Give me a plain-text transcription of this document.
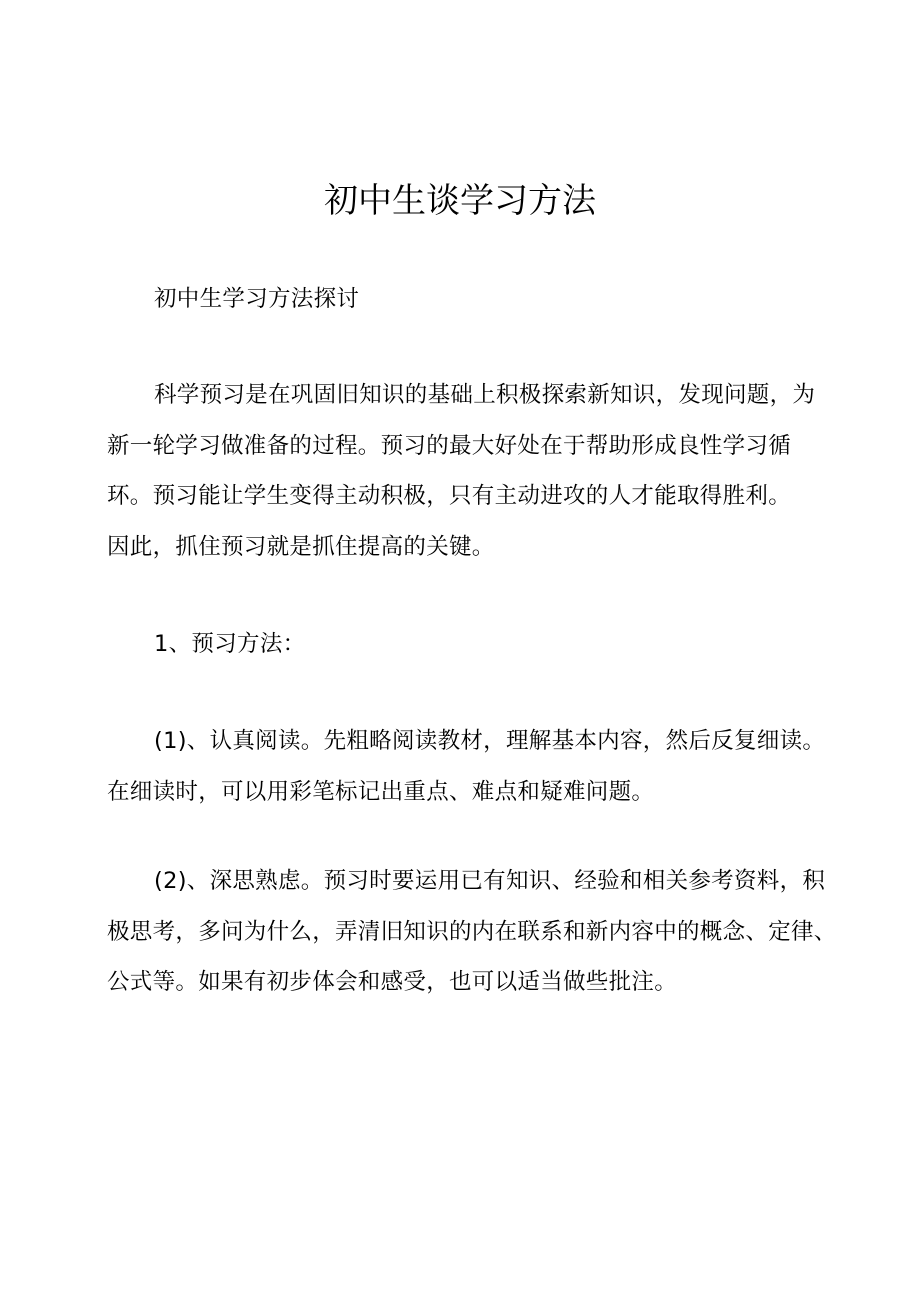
初中生谈学习方法

初中生学习方法探讨

科学预习是在巩固旧知识的基础上积极探索新知识，发现问题，为
新一轮学习做准备的过程。预习的最大好处在于帮助形成良性学习循
环。预习能让学生变得主动积极，只有主动进攻的人才能取得胜利。
因此，抓住预习就是抓住提高的关键。

1、预习方法：

(1)、认真阅读。先粗略阅读教材，理解基本内容，然后反复细读。
在细读时，可以用彩笔标记出重点、难点和疑难问题。

(2)、深思熟虑。预习时要运用已有知识、经验和相关参考资料，积
极思考，多问为什么，弄清旧知识的内在联系和新内容中的概念、定律、
公式等。如果有初步体会和感受，也可以适当做些批注。
